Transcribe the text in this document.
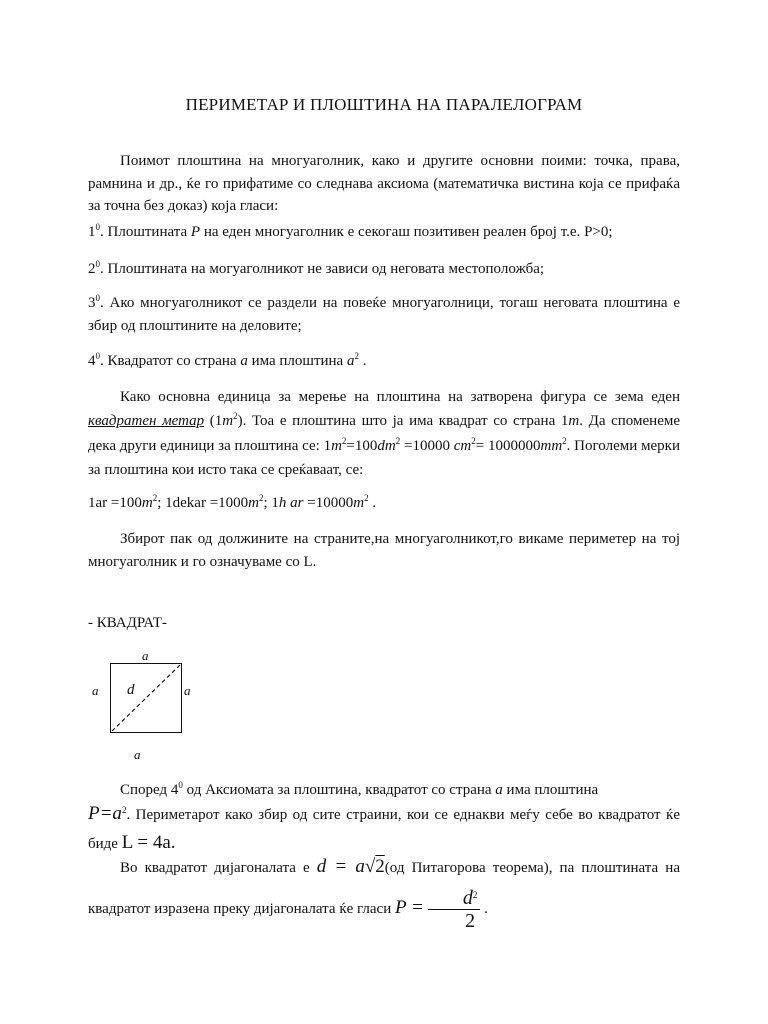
ПЕРИМЕТАР И ПЛОШТИНА НА ПАРАЛЕЛОГРАМ

Поимот плоштина на многуаголник, како и другите основни поими: точка, права, рамнина и др., ќе го прифатиме со следнава аксиома (математичка вистина која се прифаќа за точна без доказ) која гласи:

$1^0$. Плоштината P на еден многуаголник е секогаш позитивен реален број т.е. P>0;

$2^0$. Плоштината на могуаголникот не зависи од неговата местоположба;

$3^0$. Ако многуаголникот се раздели на повеќе многуаголници, тогаш неговата плоштина е збир од плоштините на деловите;

$4^0$. Квадратот со страна a има плоштина $a^2$ .

Како основна единица за мерење на плоштина на затворена фигура се зема еден квадратен метар $(1m^2)$. Тоа е плоштина што ја има квадрат со страна 1m. Да спомeнеме дека други единици за плоштина се: $1m^2=100dm^2 =10000$ $cm^2= 1000000mm^2$. Поголеми мерки за плоштина кои исто така се среќаваат, се:

$1ar =100m^2$; 1dekar $=1000m^2$; 1h ar $=10000m^2$ .

Збирот пак од должините на страните,на многуаголникот,го викаме периметер на тој многуаголник и го означуваме со L.

- КВАДРАТ-
a
a	a
a
d

Според $4^0$ од Аксиомата за плоштина, квадратот со страна a има плоштина

$P=a^2$. Периметарот како збир од сите страини, кои се еднакви меѓу себе во квадратот ќе биде L = 4a.

Во квадратот дијагоналата е d = a√2(од Питагорова теорема), па плоштината на квадратот изразена преку дијагоналата ќе гласи $P = \frac{d^2}{2}$ .
